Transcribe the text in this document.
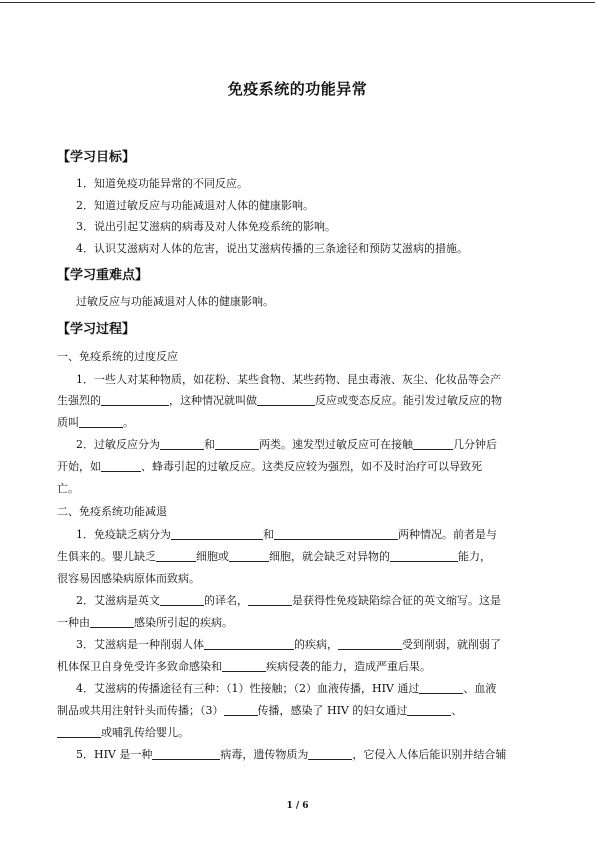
免疫系统的功能异常
【学习目标】
1．知道免疫功能异常的不同反应。
2．知道过敏反应与功能减退对人体的健康影响。
3．说出引起艾滋病的病毒及对人体免疫系统的影响。
4．认识艾滋病对人体的危害，说出艾滋病传播的三条途径和预防艾滋病的措施。
【学习重难点】
过敏反应与功能减退对人体的健康影响。
【学习过程】
一、免疫系统的过度反应
1．一些人对某种物质，如花粉、某些食物、某些药物、昆虫毒液、灰尘、化妆品等会产
生强烈的	，这种情况就叫做	反应或变态反应。能引发过敏反应的物
质叫	。
2．过敏反应分为	和	两类。速发型过敏反应可在接触	几分钟后
开始，如	、蜂毒引起的过敏反应。这类反应较为强烈，如不及时治疗可以导致死
亡。
二、免疫系统功能减退
1．免疫缺乏病分为	和	两种情况。前者是与
生俱来的。婴儿缺乏	细胞或	细胞，就会缺乏对异物的	能力，
很容易因感染病原体而致病。
2．艾滋病是英文	的译名，	是获得性免疫缺陷综合征的英文缩写。这是
一种由	感染所引起的疾病。
3．艾滋病是一种削弱人体	的疾病，	受到削弱，就削弱了
机体保卫自身免受许多致命感染和	疾病侵袭的能力，造成严重后果。
4．艾滋病的传播途径有三种：（1）性接触；（2）血液传播，HIV 通过	、血液
制品或共用注射针头而传播；（3）	传播，感染了 HIV 的妇女通过	、
或哺乳传给婴儿。
5．HIV 是一种	病毒，遗传物质为	，它侵入人体后能识别并结合辅
1 / 6
